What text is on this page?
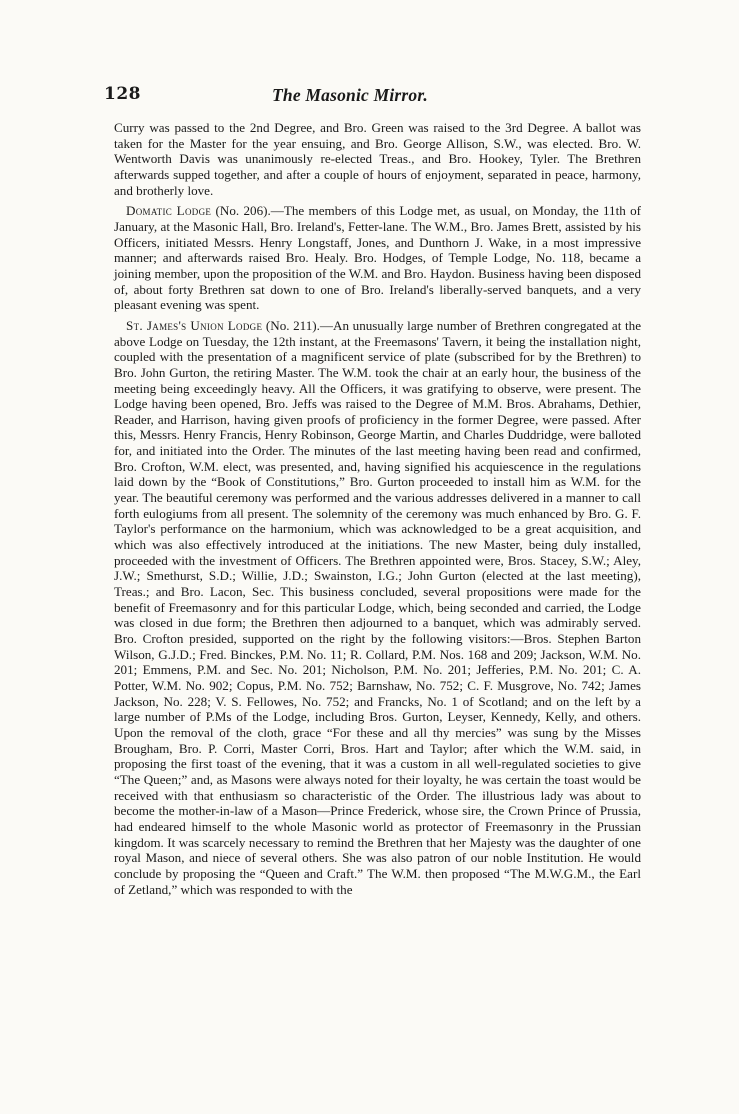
128	The Masonic Mirror.

Curry was passed to the 2nd Degree, and Bro. Green was raised to the 3rd Degree. A ballot was taken for the Master for the year ensuing, and Bro. George Allison, S.W., was elected. Bro. W. Wentworth Davis was unanimously re-elected Treas., and Bro. Hookey, Tyler. The Brethren afterwards supped together, and after a couple of hours of enjoyment, separated in peace, harmony, and brotherly love.

Domatic Lodge (No. 206).—The members of this Lodge met, as usual, on Monday, the 11th of January, at the Masonic Hall, Bro. Ireland's, Fetter-lane. The W.M., Bro. James Brett, assisted by his Officers, initiated Messrs. Henry Longstaff, Jones, and Dunthorn J. Wake, in a most impressive manner; and afterwards raised Bro. Healy. Bro. Hodges, of Temple Lodge, No. 118, became a joining member, upon the proposition of the W.M. and Bro. Haydon. Business having been disposed of, about forty Brethren sat down to one of Bro. Ireland's liberally-served banquets, and a very pleasant evening was spent.

St. James's Union Lodge (No. 211).—An unusually large number of Brethren congregated at the above Lodge on Tuesday, the 12th instant, at the Freemasons' Tavern, it being the installation night, coupled with the presentation of a magnificent service of plate (subscribed for by the Brethren) to Bro. John Gurton, the retiring Master. The W.M. took the chair at an early hour, the business of the meeting being exceedingly heavy. All the Officers, it was gratifying to observe, were present. The Lodge having been opened, Bro. Jeffs was raised to the Degree of M.M. Bros. Abrahams, Dethier, Reader, and Harrison, having given proofs of proficiency in the former Degree, were passed. After this, Messrs. Henry Francis, Henry Robinson, George Martin, and Charles Duddridge, were balloted for, and initiated into the Order. The minutes of the last meeting having been read and confirmed, Bro. Crofton, W.M. elect, was presented, and, having signified his acquiescence in the regulations laid down by the “Book of Constitutions,” Bro. Gurton proceeded to install him as W.M. for the year. The beautiful ceremony was performed and the various addresses delivered in a manner to call forth eulogiums from all present. The solemnity of the ceremony was much enhanced by Bro. G. F. Taylor's performance on the harmonium, which was acknowledged to be a great acquisition, and which was also effectively introduced at the initiations. The new Master, being duly installed, proceeded with the investment of Officers. The Brethren appointed were, Bros. Stacey, S.W.; Aley, J.W.; Smethurst, S.D.; Willie, J.D.; Swainston, I.G.; John Gurton (elected at the last meeting), Treas.; and Bro. Lacon, Sec. This business concluded, several propositions were made for the benefit of Freemasonry and for this particular Lodge, which, being seconded and carried, the Lodge was closed in due form; the Brethren then adjourned to a banquet, which was admirably served. Bro. Crofton presided, supported on the right by the following visitors:—Bros. Stephen Barton Wilson, G.J.D.; Fred. Binckes, P.M. No. 11; R. Collard, P.M. Nos. 168 and 209; Jackson, W.M. No. 201; Emmens, P.M. and Sec. No. 201; Nicholson, P.M. No. 201; Jefferies, P.M. No. 201; C. A. Potter, W.M. No. 902; Copus, P.M. No. 752; Barnshaw, No. 752; C. F. Musgrove, No. 742; James Jackson, No. 228; V. S. Fellowes, No. 752; and Francks, No. 1 of Scotland; and on the left by a large number of P.Ms of the Lodge, including Bros. Gurton, Leyser, Kennedy, Kelly, and others. Upon the removal of the cloth, grace “For these and all thy mercies” was sung by the Misses Brougham, Bro. P. Corri, Master Corri, Bros. Hart and Taylor; after which the W.M. said, in proposing the first toast of the evening, that it was a custom in all well-regulated societies to give “The Queen;” and, as Masons were always noted for their loyalty, he was certain the toast would be received with that enthusiasm so characteristic of the Order. The illustrious lady was about to become the mother-in-law of a Mason—Prince Frederick, whose sire, the Crown Prince of Prussia, had endeared himself to the whole Masonic world as protector of Freemasonry in the Prussian kingdom. It was scarcely necessary to remind the Brethren that her Majesty was the daughter of one royal Mason, and niece of several others. She was also patron of our noble Institution. He would conclude by proposing the “Queen and Craft.” The W.M. then proposed “The M.W.G.M., the Earl of Zetland,” which was responded to with the
